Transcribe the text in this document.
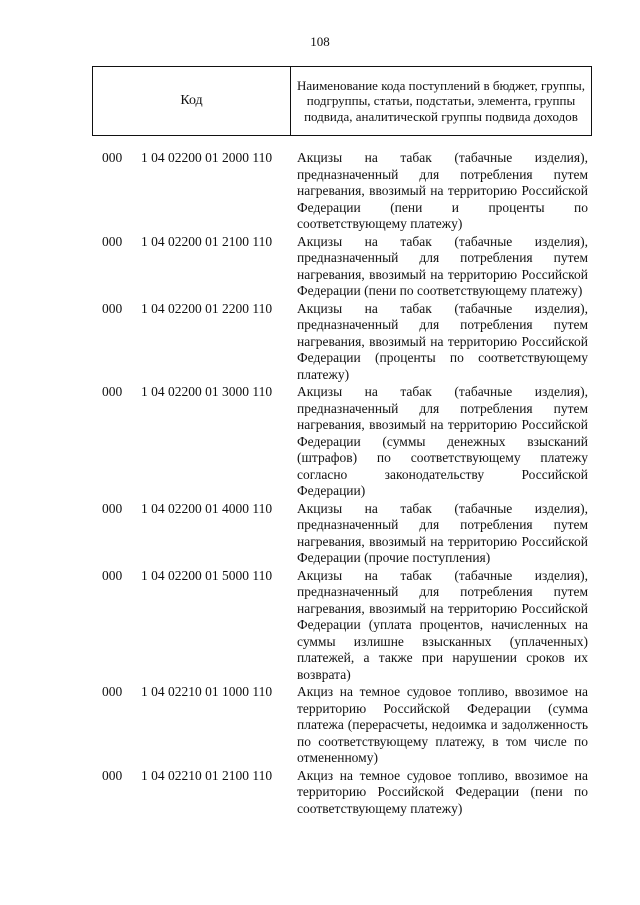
108
Код	Наименование кода поступлений в бюджет, группы, подгруппы, статьи, подстатьи, элемента, группы подвида, аналитической группы подвида доходов
000 1 04 02200 01 2000 110 Акцизы на табак (табачные изделия), предназначенный для потребления путем нагревания, ввозимый на территорию Российской Федерации (пени и проценты по соответствующему платежу)
000 1 04 02200 01 2100 110 Акцизы на табак (табачные изделия), предназначенный для потребления путем нагревания, ввозимый на территорию Российской Федерации (пени по соответствующему платежу)
000 1 04 02200 01 2200 110 Акцизы на табак (табачные изделия), предназначенный для потребления путем нагревания, ввозимый на территорию Российской Федерации (проценты по соответствующему платежу)
000 1 04 02200 01 3000 110 Акцизы на табак (табачные изделия), предназначенный для потребления путем нагревания, ввозимый на территорию Российской Федерации (суммы денежных взысканий (штрафов) по соответствующему платежу согласно законодательству Российской Федерации)
000 1 04 02200 01 4000 110 Акцизы на табак (табачные изделия), предназначенный для потребления путем нагревания, ввозимый на территорию Российской Федерации (прочие поступления)
000 1 04 02200 01 5000 110 Акцизы на табак (табачные изделия), предназначенный для потребления путем нагревания, ввозимый на территорию Российской Федерации (уплата процентов, начисленных на суммы излишне взысканных (уплаченных) платежей, а также при нарушении сроков их возврата)
000 1 04 02210 01 1000 110 Акциз на темное судовое топливо, ввозимое на территорию Российской Федерации (сумма платежа (перерасчеты, недоимка и задолженность по соответствующему платежу, в том числе по отмененному)
000 1 04 02210 01 2100 110 Акциз на темное судовое топливо, ввозимое на территорию Российской Федерации (пени по соответствующему платежу)
